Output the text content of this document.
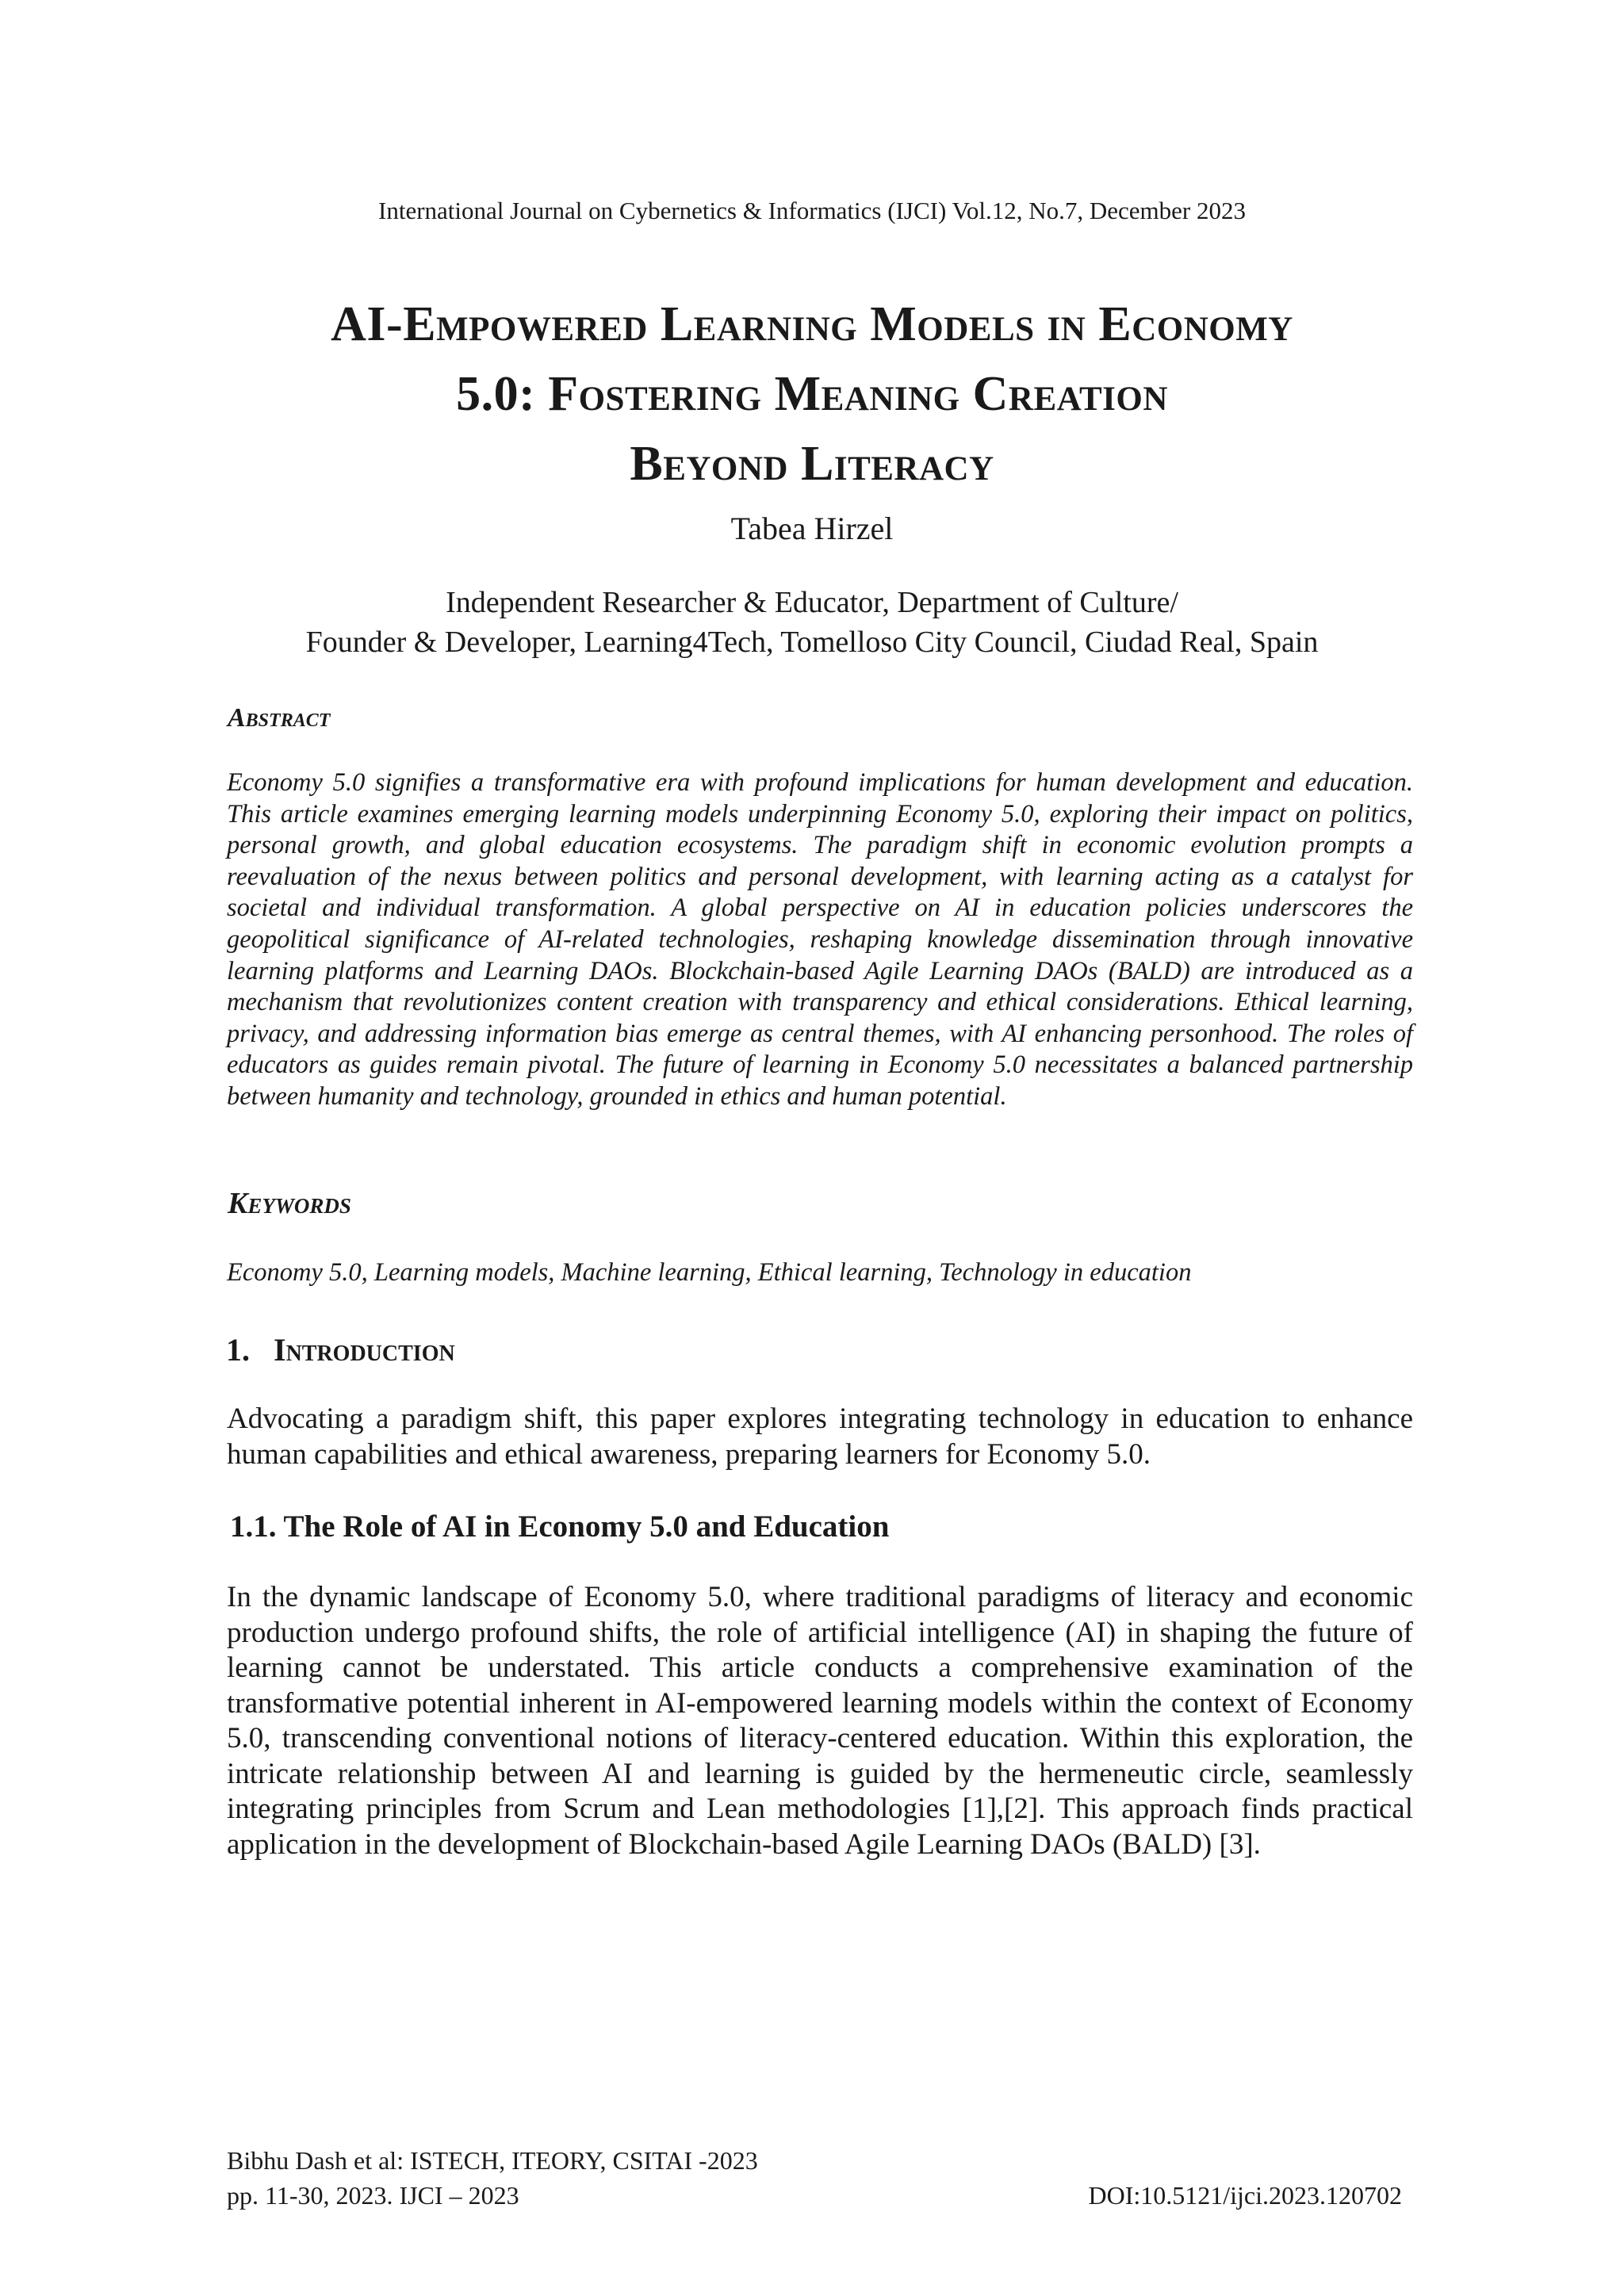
International Journal on Cybernetics & Informatics (IJCI) Vol.12, No.7, December 2023
AI-Empowered Learning Models in Economy
5.0: Fostering Meaning Creation
Beyond Literacy
Tabea Hirzel
Independent Researcher & Educator, Department of Culture/
Founder & Developer, Learning4Tech, Tomelloso City Council, Ciudad Real, Spain
Abstract

Economy 5.0 signifies a transformative era with profound implications for human development and education. This article examines emerging learning models underpinning Economy 5.0, exploring their impact on politics, personal growth, and global education ecosystems. The paradigm shift in economic evolution prompts a reevaluation of the nexus between politics and personal development, with learning acting as a catalyst for societal and individual transformation. A global perspective on AI in education policies underscores the geopolitical significance of AI-related technologies, reshaping knowledge dissemination through innovative learning platforms and Learning DAOs. Blockchain-based Agile Learning DAOs (BALD) are introduced as a mechanism that revolutionizes content creation with transparency and ethical considerations. Ethical learning, privacy, and addressing information bias emerge as central themes, with AI enhancing personhood. The roles of educators as guides remain pivotal. The future of learning in Economy 5.0 necessitates a balanced partnership between humanity and technology, grounded in ethics and human potential.

Keywords
Economy 5.0, Learning models, Machine learning, Ethical learning, Technology in education
1. Introduction

Advocating a paradigm shift, this paper explores integrating technology in education to enhance human capabilities and ethical awareness, preparing learners for Economy 5.0.

1.1. The Role of AI in Economy 5.0 and Education

In the dynamic landscape of Economy 5.0, where traditional paradigms of literacy and economic production undergo profound shifts, the role of artificial intelligence (AI) in shaping the future of learning cannot be understated. This article conducts a comprehensive examination of the transformative potential inherent in AI-empowered learning models within the context of Economy 5.0, transcending conventional notions of literacy-centered education. Within this exploration, the intricate relationship between AI and learning is guided by the hermeneutic circle, seamlessly integrating principles from Scrum and Lean methodologies [1],[2]. This approach finds practical application in the development of Blockchain-based Agile Learning DAOs (BALD) [3].

Bibhu Dash et al: ISTECH, ITEORY, CSITAI -2023
pp. 11-30, 2023. IJCI – 2023	DOI:10.5121/ijci.2023.120702
